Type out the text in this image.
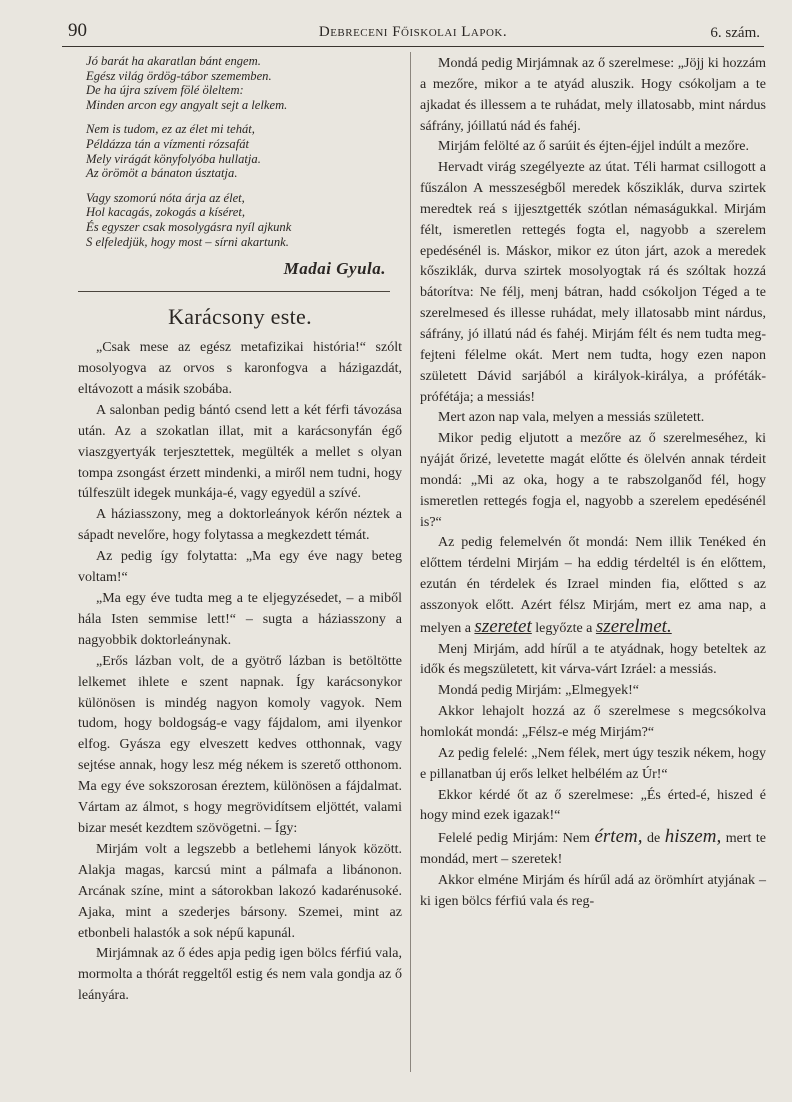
90	Debreceni Főiskolai Lapok.	6. szám.

Jó barát ha akaratlan bánt engem.

Egész világ ördög-tábor szememben.

De ha újra szívem fölé öleltem:

Minden arcon egy angyalt sejt a lelkem.

Nem is tudom, ez az élet mi tehát,

Példázza tán a vízmenti rózsafát

Mely virágát könyfolyóba hullatja.

Az örömöt a bánaton úsztatja.

Vagy szomorú nóta árja az élet,

Hol kacagás, zokogás a kíséret,

És egyszer csak mosolygásra nyíl ajkunk

S elfeledjük, hogy most – sírni akartunk.

Madai Gyula.
Karácsony este.

„Csak mese az egész metafizikai história!“ szólt mosolyogva az orvos s karonfogva a házigazdát, eltávozott a másik szobába.

A salonban pedig bántó csend lett a két férfi távozása után. Az a szokatlan illat, mit a karácsonyfán égő viaszgyertyák terjesztettek, megülték a mellet s olyan tompa zsongást érzett mindenki, a miről nem tudni, hogy túlfeszült idegek munkája-é, vagy egyedül a szívé.

A háziasszony, meg a doktorleányok kérőn néztek a sápadt nevelőre, hogy folytassa a megkezdett témát.

Az pedig így folytatta: „Ma egy éve nagy beteg voltam!“

„Ma egy éve tudta meg a te eljegyzésedet, – a miből hála Isten semmise lett!“ – sugta a háziasszony a nagyobbik doktorleánynak.

„Erős lázban volt, de a gyötrő lázban is betöltötte lelkemet ihlete e szent napnak. Így karácsonykor különösen is mindég nagyon komoly vagyok. Nem tudom, hogy boldogság-e vagy fájdalom, ami ilyenkor elfog. Gyásza egy elveszett kedves otthonnak, vagy sejtése annak, hogy lesz még nékem is szerető otthonom. Ma egy éve sokszorosan éreztem, különösen a fájdalmat. Vártam az álmot, s hogy megrövidítsem eljöttét, valami bizar mesét kezdtem szövögetni. – Így:

Mirjám volt a legszebb a betlehemi lányok között. Alakja magas, karcsú mint a pálmafa a libánonon. Arcának színe, mint a sátorokban lakozó kadarénusoké. Ajaka, mint a szederjes bársony. Szemei, mint az etbonbeli halastók a sok népű kapunál.

Mirjámnak az ő édes apja pedig igen bölcs férfiú vala, mormolta a thórát reggeltől estig és nem vala gondja az ő leányára.

Mondá pedig Mirjámnak az ő szerelmese: „Jöjj ki hozzám a mezőre, mikor a te atyád aluszik. Hogy csókoljam a te ajkadat és illessem a te ruhádat, mely illatosabb, mint nárdus sáfrány, jóillatú nád és fahéj.

Mirjám felölté az ő sarúit és éjten-éjjel indúlt a mezőre.

Hervadt virág szegélyezte az útat. Téli harmat csillogott a fűszálon A messzeségből meredek kősziklák, durva szirtek meredtek reá s ijjesztgették szótlan némaságukkal. Mirjám félt, ismeretlen rettegés fogta el, nagyobb a szerelem epedésénél is. Máskor, mikor ez úton járt, azok a meredek kősziklák, durva szirtek mosolyogtak rá és szóltak hozzá bátorítva: Ne félj, menj bátran, hadd csókoljon Téged a te szerelmesed és illesse ruhádat, mely illatosabb mint nárdus, sáfrány, jó illatú nád és fahéj. Mirjám félt és nem tudta megfejteni félelme okát. Mert nem tudta, hogy ezen napon született Dávid sarjából a királyok-királya, a próféták-prófétája; a messiás!

Mert azon nap vala, melyen a messiás született.

Mikor pedig eljutott a mezőre az ő szerelmeséhez, ki nyáját őrizé, levetette magát előtte és ölelvén annak térdeit mondá: „Mi az oka, hogy a te rabszolganőd fél, hogy ismeretlen rettegés fogja el, nagyobb a szerelem epedésénél is?“

Az pedig felemelvén őt mondá: Nem illik Tenéked én előttem térdelni Mirjám – ha eddig térdeltél is én előttem, ezután én térdelek és Izrael minden fia, előtted s az asszonyok előtt. Azért félsz Mirjám, mert ez ama nap, a melyen a szeretet legyőzte a szerelmet.

Menj Mirjám, add hírűl a te atyádnak, hogy beteltek az idők és megszületett, kit várva-várt Izráel: a messiás.

Mondá pedig Mirjám: „Elmegyek!“

Akkor lehajolt hozzá az ő szerelmese s megcsókolva homlokát mondá: „Félsz-e még Mirjám?“

Az pedig felelé: „Nem félek, mert úgy teszik nékem, hogy e pillanatban új erős lelket helbélém az Úr!“

Ekkor kérdé őt az ő szerelmese: „És érted-é, hiszed é hogy mind ezek igazak!“

Felelé pedig Mirjám: Nem értem, de hiszem, mert te mondád, mert – szeretek!

Akkor elméne Mirjám és hírűl adá az örömhírt atyjának – ki igen bölcs férfiú vala és reg-
